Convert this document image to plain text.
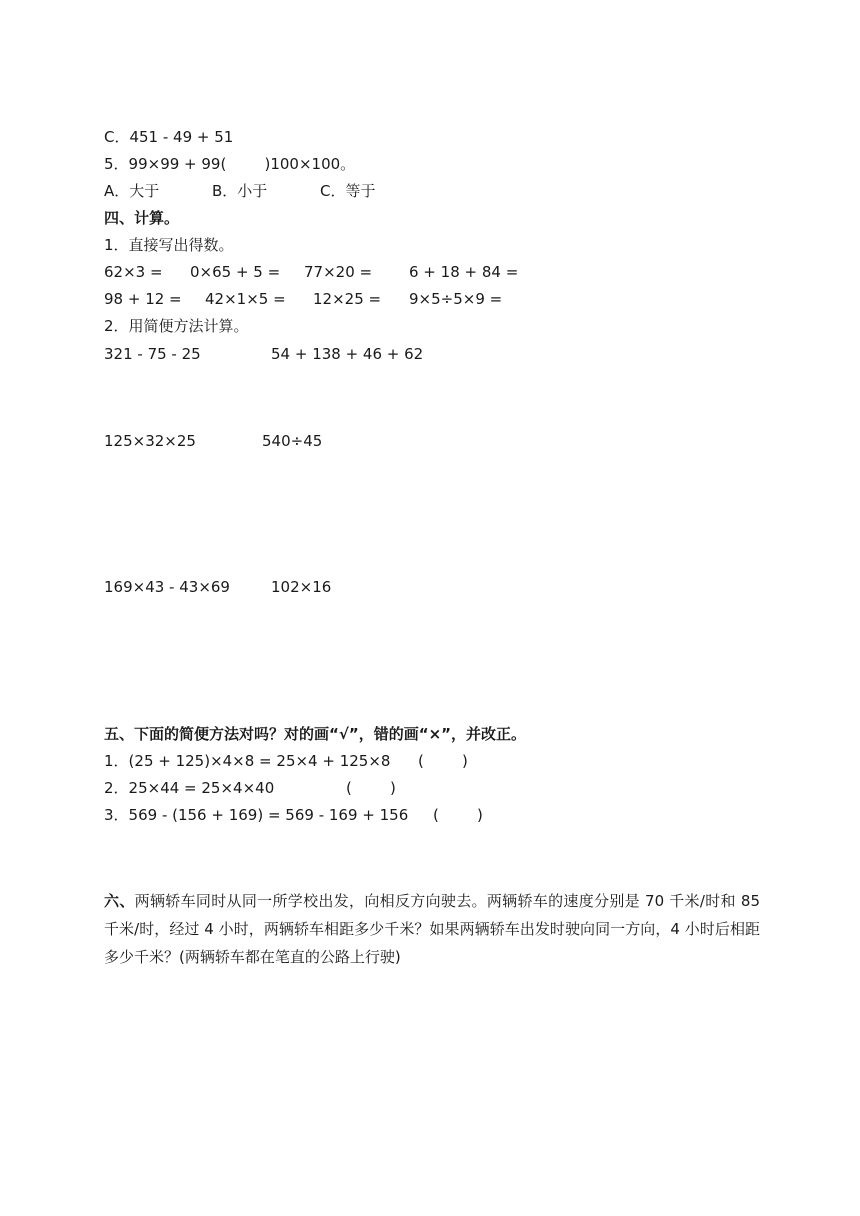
C．451 - 49 + 51
5．99×99 + 99(        )100×100。
A．大于	B．小于	C．等于
四、计算。
1．直接写出得数。
62×3 = 0×65 + 5 = 77×20 = 6 + 18 + 84 =
98 + 12 = 42×1×5 = 12×25 = 9×5÷5×9 =
2．用简便方法计算。
321 - 75 - 25	54 + 138 + 46 + 62
125×32×25	540÷45
169×43 - 43×69	102×16
五、下面的简便方法对吗？对的画“√”，错的画“×”，并改正。
1．(25 + 125)×4×8 = 25×4 + 125×8 (        )
2．25×44 = 25×4×40	(        )
3．569 - (156 + 169) = 569 - 169 + 156 (        )
六、两辆轿车同时从同一所学校出发，向相反方向驶去。两辆轿车的速度分别是 70 千米/时和 85 千米/时，经过 4 小时，两辆轿车相距多少千米？如果两辆轿车出发时驶向同一方向，4 小时后相距多少千米？(两辆轿车都在笔直的公路上行驶)
